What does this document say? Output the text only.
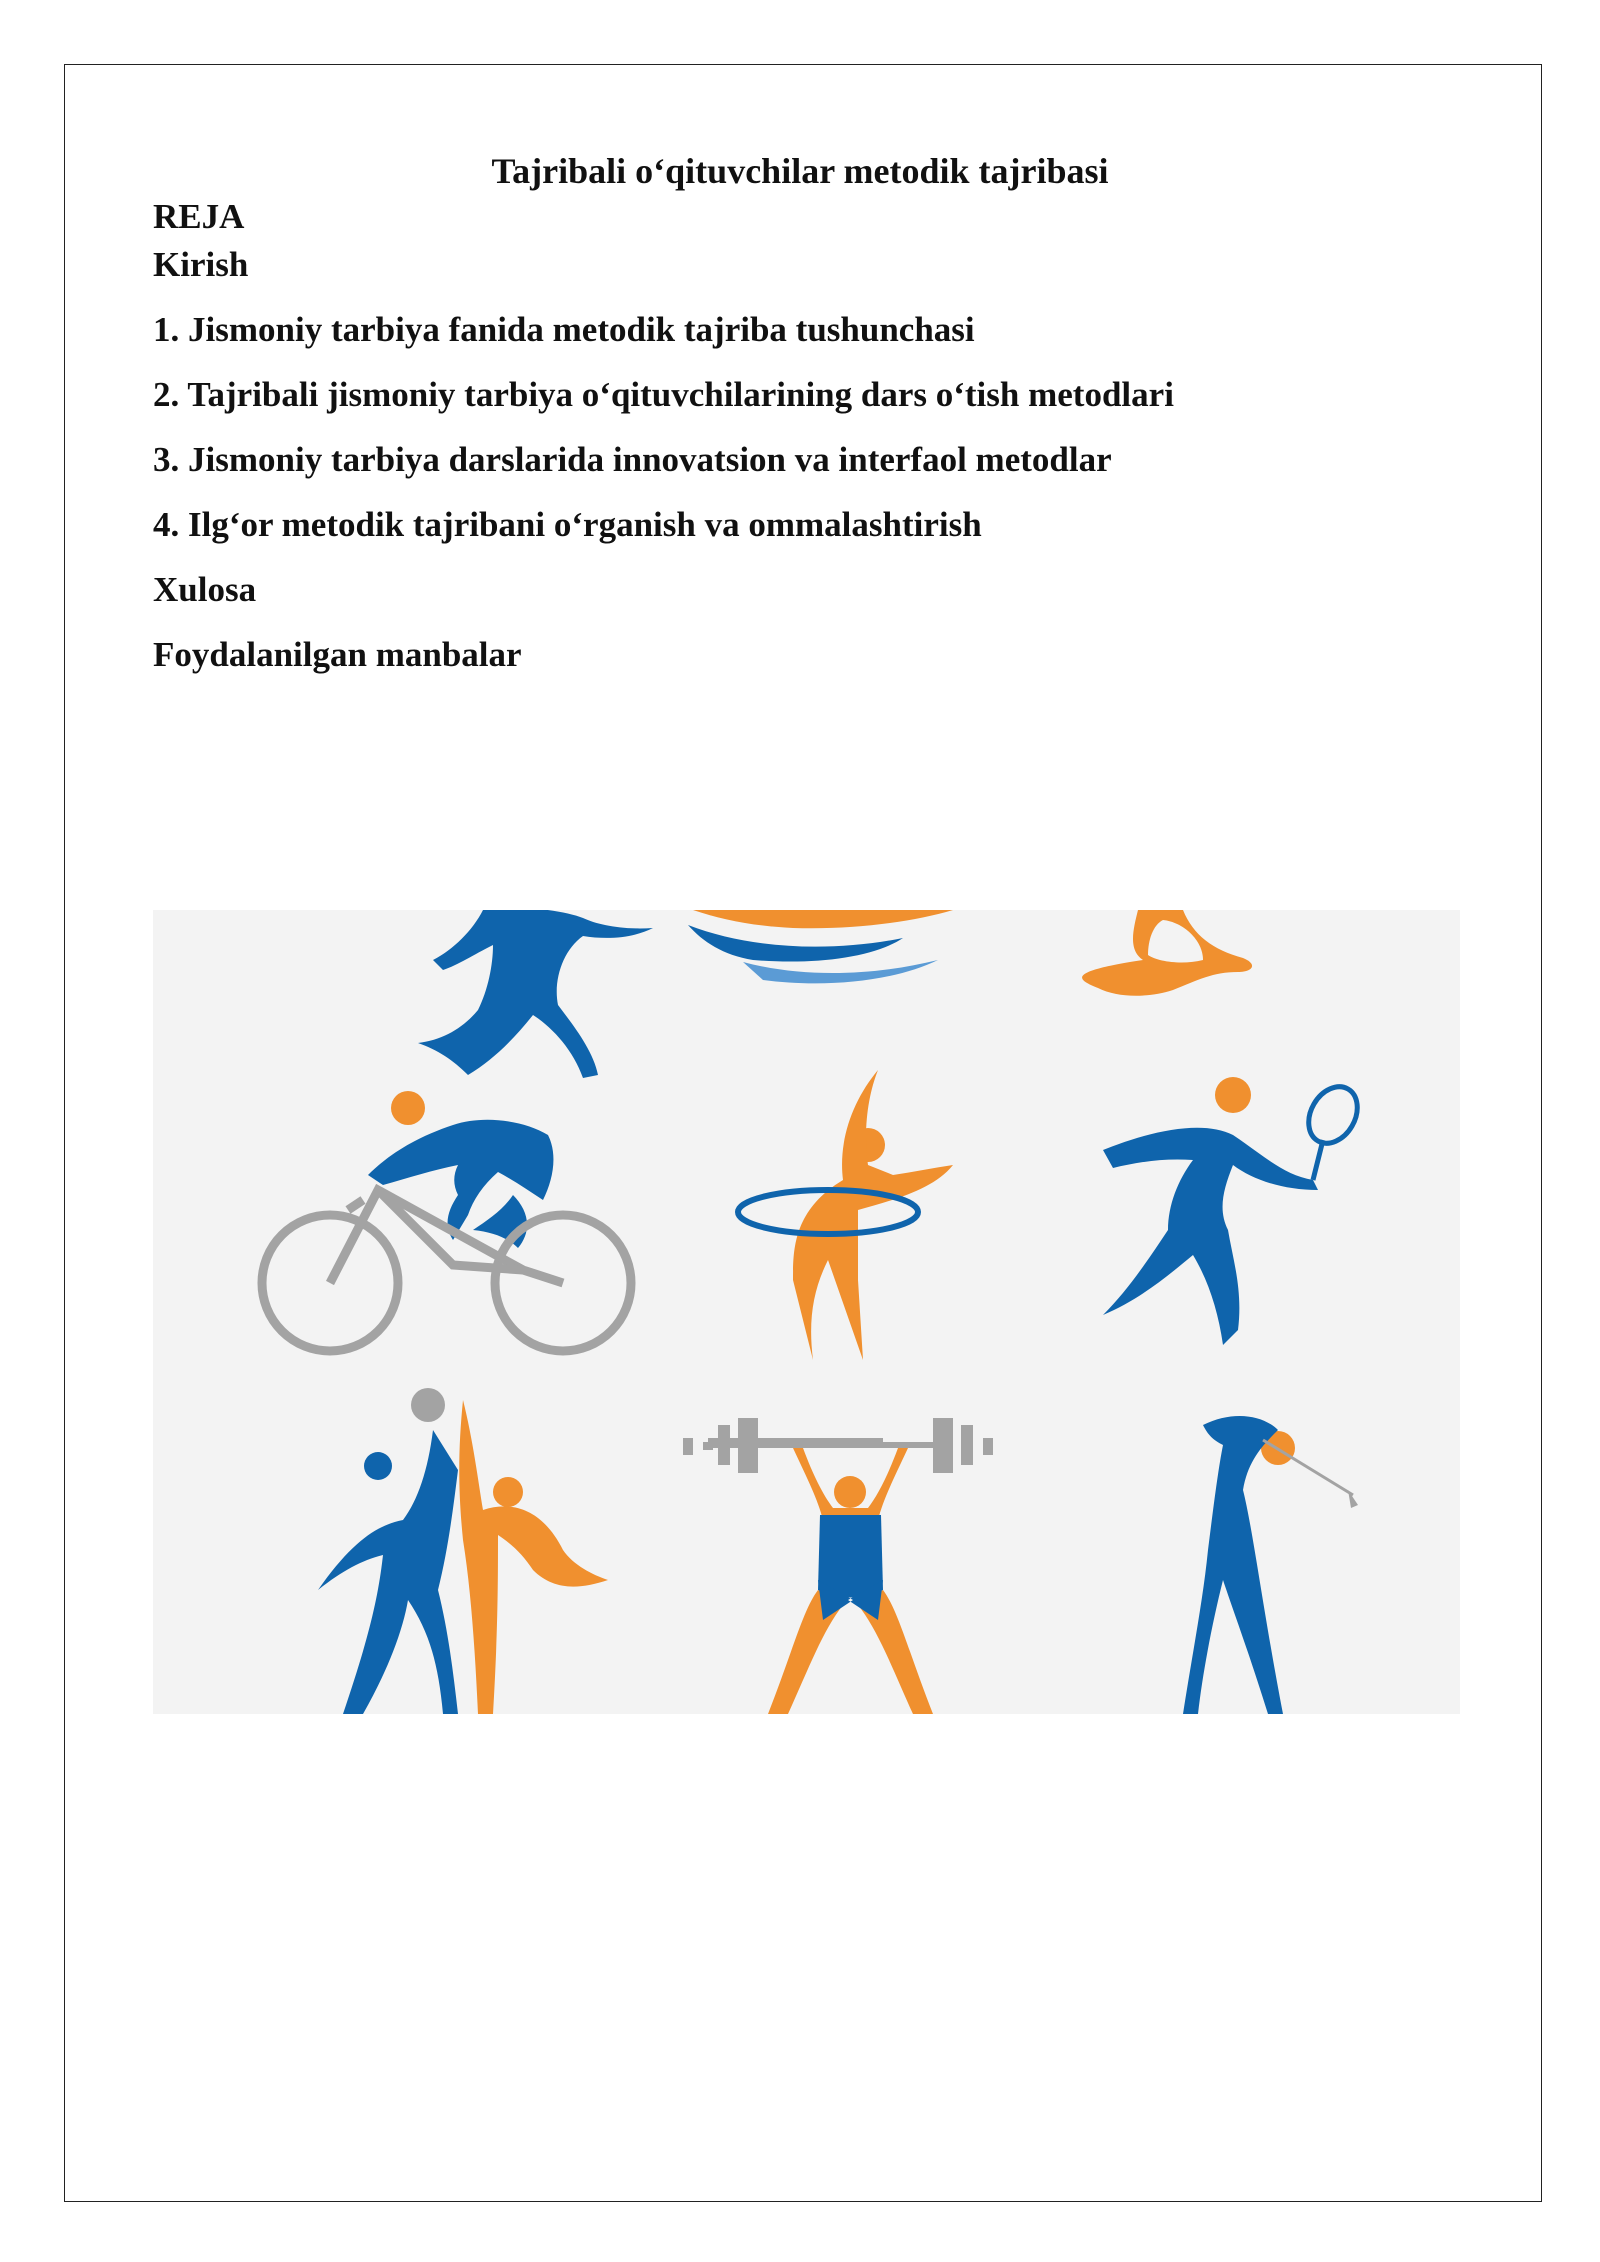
Tajribali o‘qituvchilar metodik tajribasi
REJA
Kirish
1. Jismoniy tarbiya fanida metodik tajriba tushunchasi
2. Tajribali jismoniy tarbiya o‘qituvchilarining dars o‘tish metodlari
3. Jismoniy tarbiya darslarida innovatsion va interfaol metodlar
4. Ilg‘or metodik tajribani o‘rganish va ommalashtirish
Xulosa
Foydalanilgan manbalar
